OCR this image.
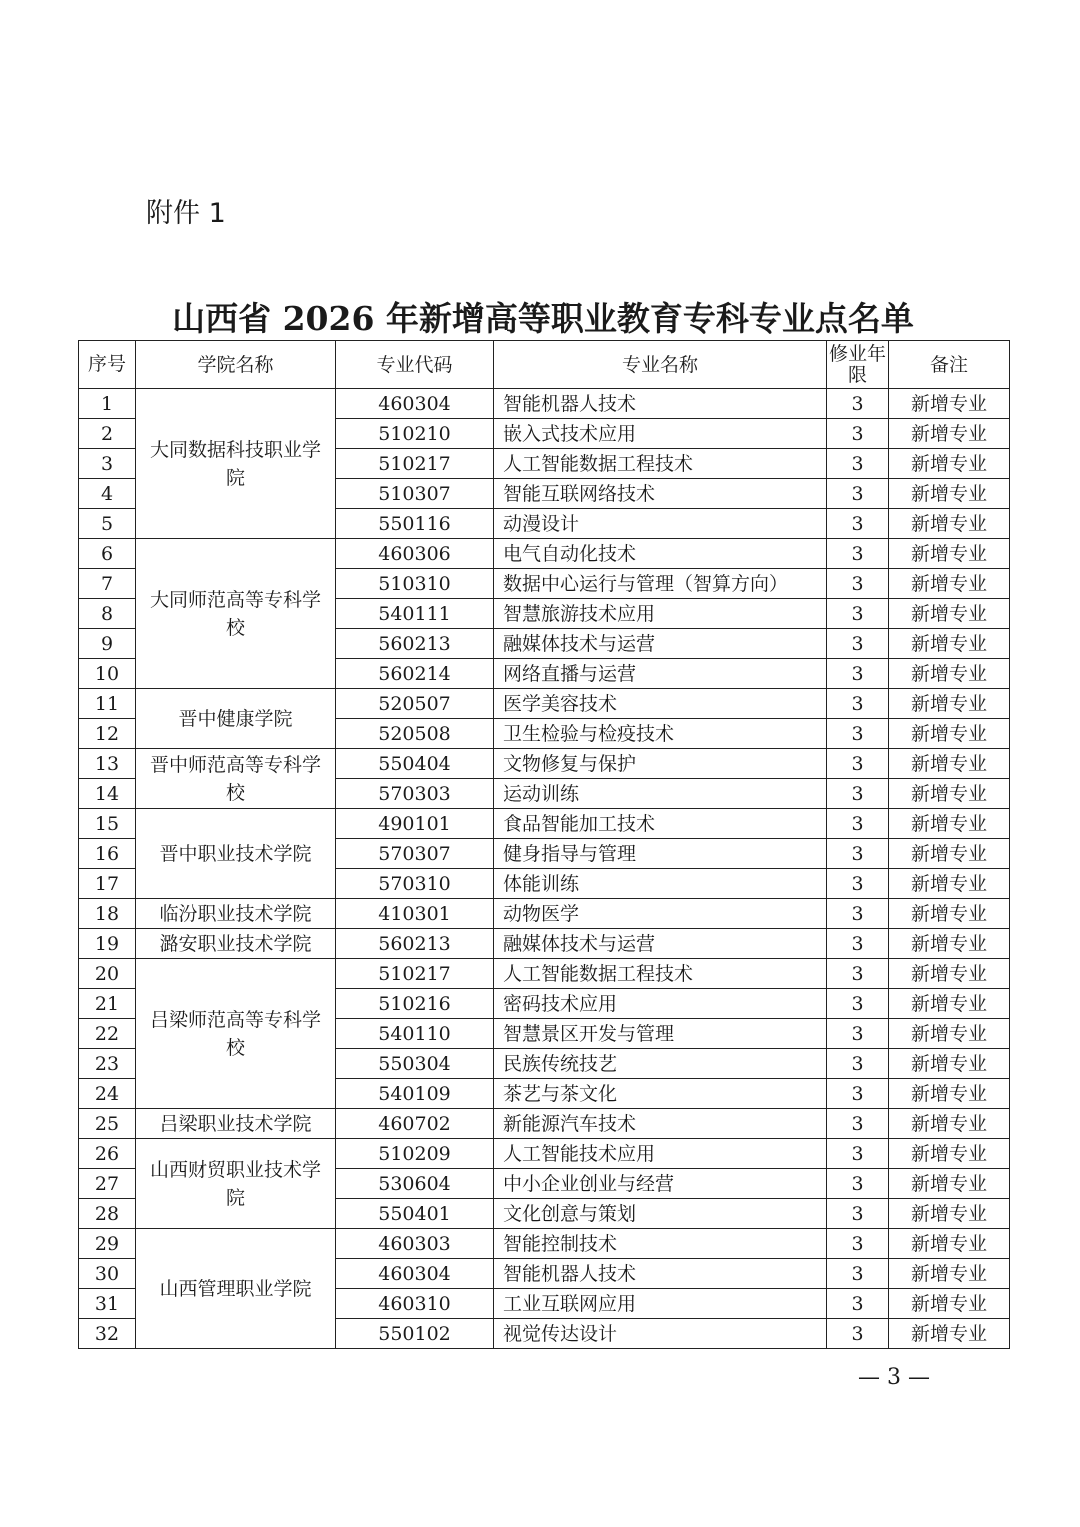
附件 1
山西省 2026 年新增高等职业教育专科专业点名单
序号	学院名称	专业代码	专业名称	修业年限	备注
1	大同数据科技职业学院	460304	智能机器人技术	3	新增专业
2		510210	嵌入式技术应用	3	新增专业
3		510217	人工智能数据工程技术	3	新增专业
4		510307	智能互联网络技术	3	新增专业
5		550116	动漫设计	3	新增专业
6	大同师范高等专科学校	460306	电气自动化技术	3	新增专业
7		510310	数据中心运行与管理（智算方向）	3	新增专业
8		540111	智慧旅游技术应用	3	新增专业
9		560213	融媒体技术与运营	3	新增专业
10		560214	网络直播与运营	3	新增专业
11	晋中健康学院	520507	医学美容技术	3	新增专业
12		520508	卫生检验与检疫技术	3	新增专业
13	晋中师范高等专科学校	550404	文物修复与保护	3	新增专业
14		570303	运动训练	3	新增专业
15	晋中职业技术学院	490101	食品智能加工技术	3	新增专业
16		570307	健身指导与管理	3	新增专业
17		570310	体能训练	3	新增专业
18	临汾职业技术学院	410301	动物医学	3	新增专业
19	潞安职业技术学院	560213	融媒体技术与运营	3	新增专业
20	吕梁师范高等专科学校	510217	人工智能数据工程技术	3	新增专业
21		510216	密码技术应用	3	新增专业
22		540110	智慧景区开发与管理	3	新增专业
23		550304	民族传统技艺	3	新增专业
24		540109	茶艺与茶文化	3	新增专业
25	吕梁职业技术学院	460702	新能源汽车技术	3	新增专业
26	山西财贸职业技术学院	510209	人工智能技术应用	3	新增专业
27		530604	中小企业创业与经营	3	新增专业
28		550401	文化创意与策划	3	新增专业
29	山西管理职业学院	460303	智能控制技术	3	新增专业
30		460304	智能机器人技术	3	新增专业
31		460310	工业互联网应用	3	新增专业
32		550102	视觉传达设计	3	新增专业
— 3 —
